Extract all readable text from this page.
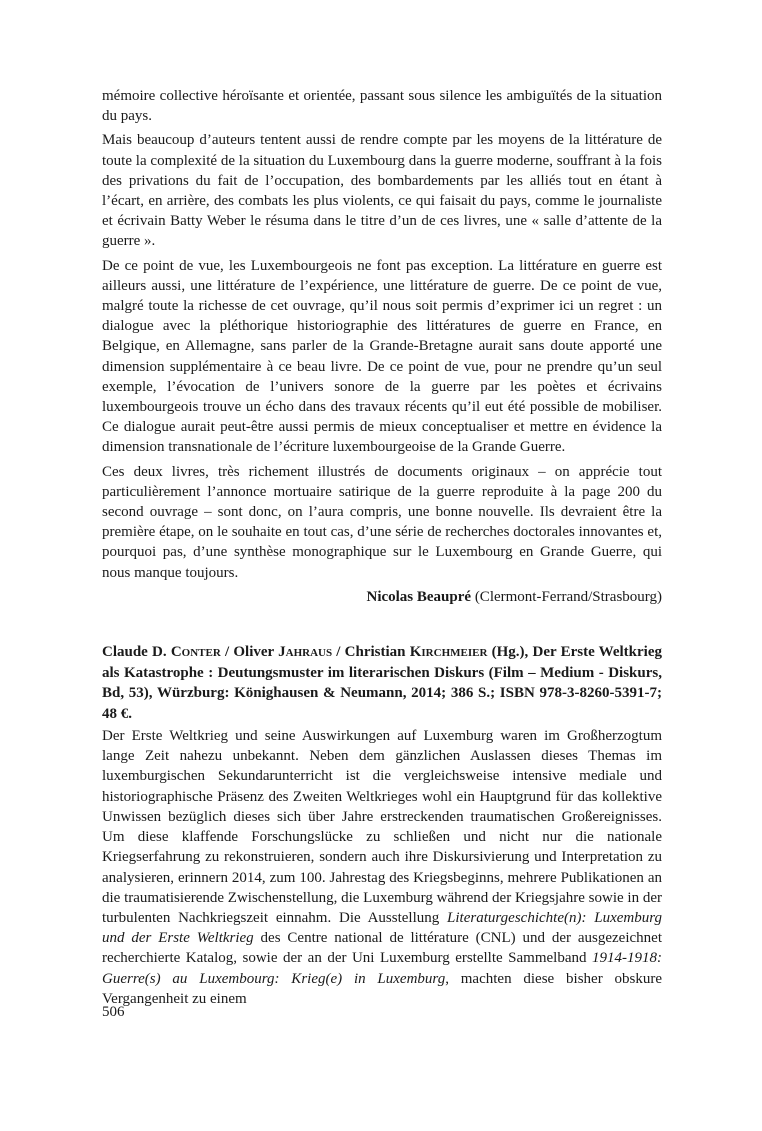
mémoire collective héroïsante et orientée, passant sous silence les ambiguïtés de la situation du pays.

Mais beaucoup d’auteurs tentent aussi de rendre compte par les moyens de la littérature de toute la complexité de la situation du Luxembourg dans la guerre moderne, souffrant à la fois des privations du fait de l’occupation, des bombardements par les alliés tout en étant à l’écart, en arrière, des combats les plus violents, ce qui faisait du pays, comme le journaliste et écrivain Batty Weber le résuma dans le titre d’un de ces livres, une « salle d’attente de la guerre ».

De ce point de vue, les Luxembourgeois ne font pas exception. La littérature en guerre est ailleurs aussi, une littérature de l’expérience, une littérature de guerre. De ce point de vue, malgré toute la richesse de cet ouvrage, qu’il nous soit permis d’exprimer ici un regret : un dialogue avec la pléthorique historiographie des littératures de guerre en France, en Belgique, en Allemagne, sans parler de la Grande-Bretagne aurait sans doute apporté une dimension supplémentaire à ce beau livre. De ce point de vue, pour ne prendre qu’un seul exemple, l’évocation de l’univers sonore de la guerre par les poètes et écrivains luxembourgeois trouve un écho dans des travaux récents qu’il eut été possible de mobiliser. Ce dialogue aurait peut-être aussi permis de mieux conceptualiser et mettre en évidence la dimension transnationale de l’écriture luxembourgeoise de la Grande Guerre.

Ces deux livres, très richement illustrés de documents originaux – on apprécie tout particulièrement l’annonce mortuaire satirique de la guerre reproduite à la page 200 du second ouvrage – sont donc, on l’aura compris, une bonne nouvelle. Ils devraient être la première étape, on le souhaite en tout cas, d’une série de recherches doctorales innovantes et, pourquoi pas, d’une synthèse monographique sur le Luxembourg en Grande Guerre, qui nous manque toujours.

Nicolas Beaupré (Clermont-Ferrand/Strasbourg)

Claude D. Conter / Oliver Jahraus / Christian Kirchmeier (Hg.), Der Erste Weltkrieg als Katastrophe : Deutungsmuster im literarischen Diskurs (Film – Medium - Diskurs, Bd, 53), Würzburg: Könighausen & Neumann, 2014; 386 S.; ISBN 978-3-8260-5391-7; 48 €.

Der Erste Weltkrieg und seine Auswirkungen auf Luxemburg waren im Großherzogtum lange Zeit nahezu unbekannt. Neben dem gänzlichen Auslassen dieses Themas im luxemburgischen Sekundarunterricht ist die vergleichsweise intensive mediale und historiographische Präsenz des Zweiten Weltkrieges wohl ein Hauptgrund für das kollektive Unwissen bezüglich dieses sich über Jahre erstreckenden traumatischen Großereignisses. Um diese klaffende Forschungslücke zu schließen und nicht nur die nationale Kriegserfahrung zu rekonstruieren, sondern auch ihre Diskursivierung und Interpretation zu analysieren, erinnern 2014, zum 100. Jahrestag des Kriegsbeginns, mehrere Publikationen an die traumatisierende Zwischenstellung, die Luxemburg während der Kriegsjahre sowie in der turbulenten Nachkriegszeit einnahm. Die Ausstellung Literaturgeschichte(n): Luxemburg und der Erste Weltkrieg des Centre national de littérature (CNL) und der ausgezeichnet recherchierte Katalog, sowie der an der Uni Luxemburg erstellte Sammelband 1914-1918: Guerre(s) au Luxembourg: Krieg(e) in Luxemburg, machten diese bisher obskure Vergangenheit zu einem

506
